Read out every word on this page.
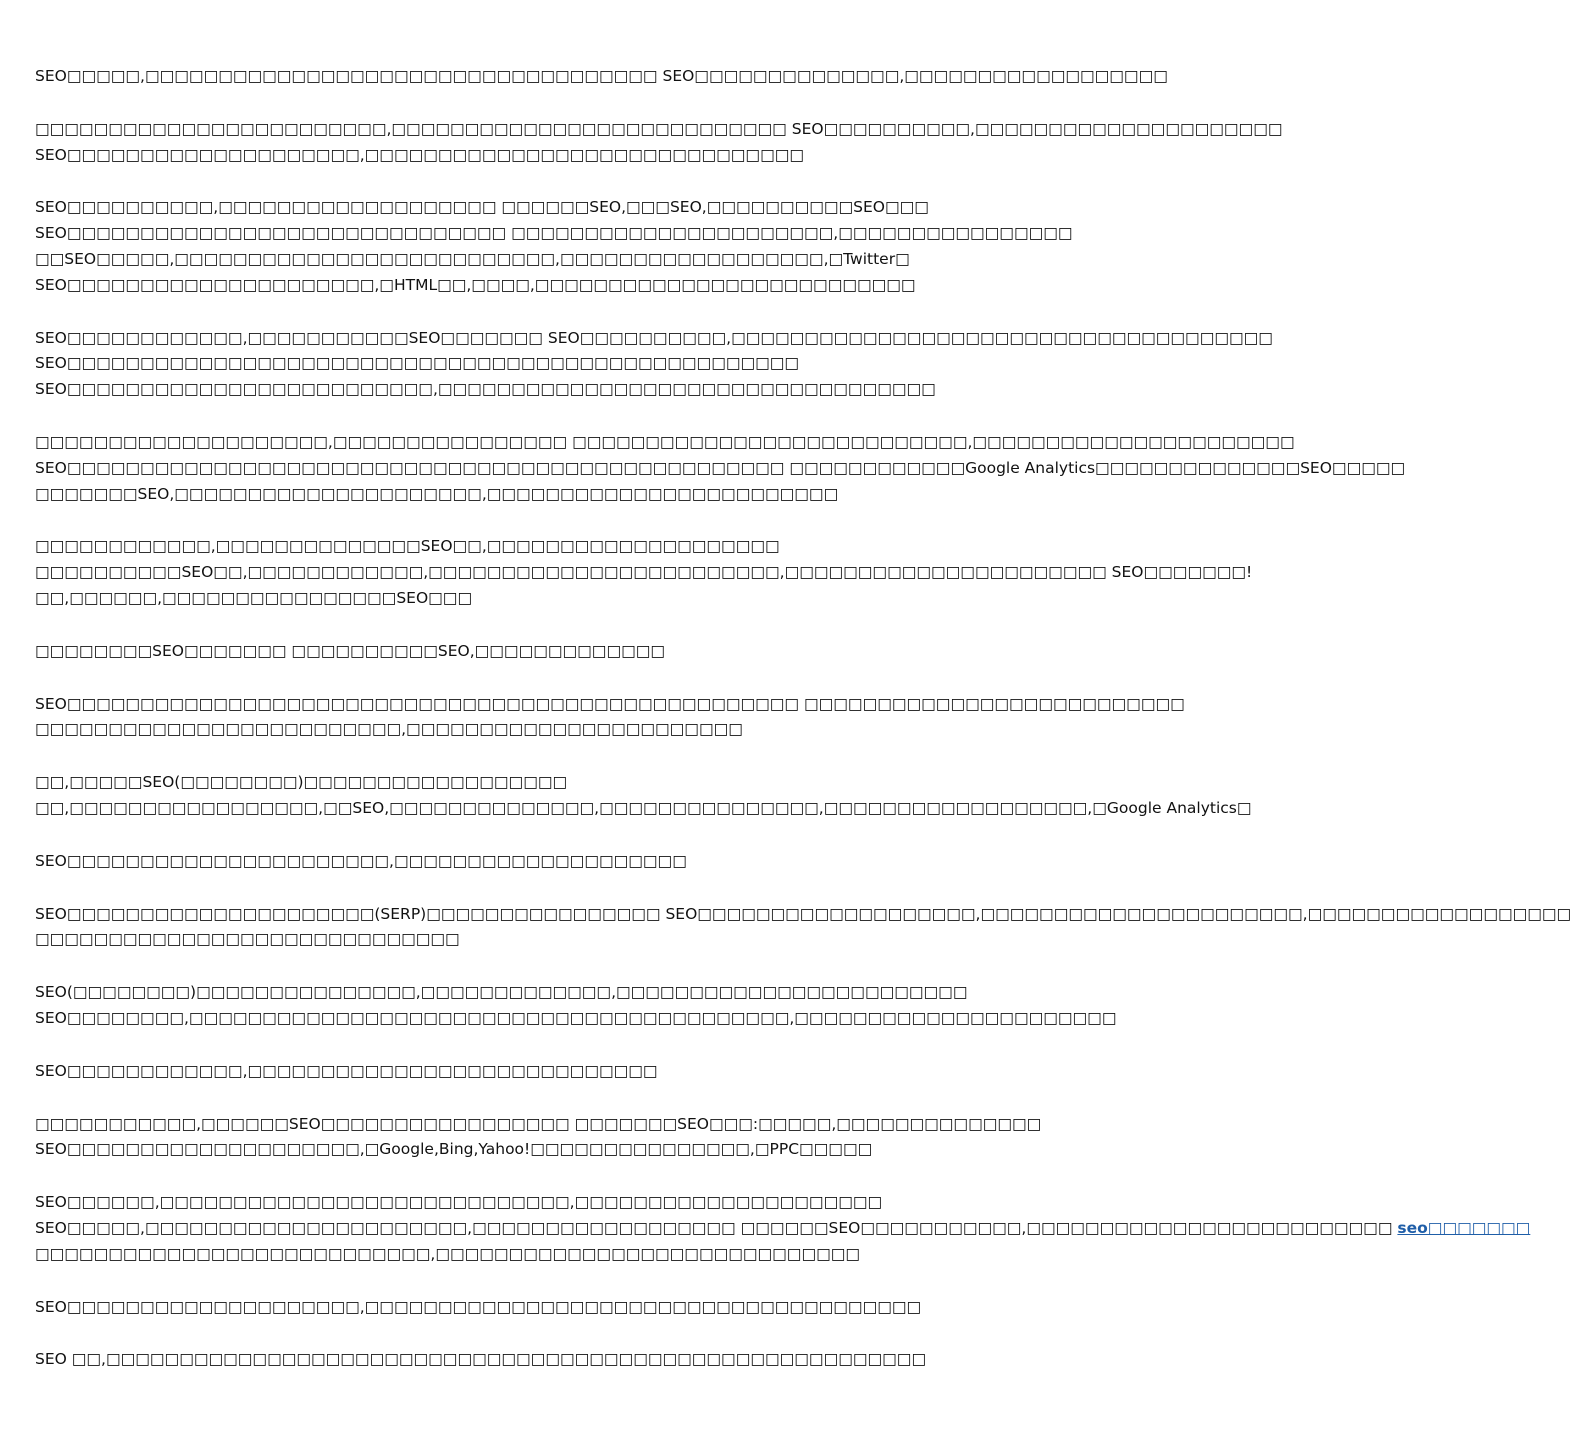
SEO□□□□□,□□□□□□□□□□□□□□□□□□□□□□□□□□□□□□□□□□□ SEO□□□□□□□□□□□□□□,□□□□□□□□□□□□□□□□□□
□□□□□□□□□□□□□□□□□□□□□□□□,□□□□□□□□□□□□□□□□□□□□□□□□□□□ SEO□□□□□□□□□□,□□□□□□□□□□□□□□□□□□□□□
SEO□□□□□□□□□□□□□□□□□□□□,□□□□□□□□□□□□□□□□□□□□□□□□□□□□□□
SEO□□□□□□□□□□,□□□□□□□□□□□□□□□□□□□ □□□□□□SEO,□□□SEO,□□□□□□□□□□SEO□□□
SEO□□□□□□□□□□□□□□□□□□□□□□□□□□□□□□ □□□□□□□□□□□□□□□□□□□□□□,□□□□□□□□□□□□□□□□
□□SEO□□□□□,□□□□□□□□□□□□□□□□□□□□□□□□□□,□□□□□□□□□□□□□□□□□□,□Twitter□
SEO□□□□□□□□□□□□□□□□□□□□□,□HTML□□,□□□□,□□□□□□□□□□□□□□□□□□□□□□□□□□
SEO□□□□□□□□□□□□,□□□□□□□□□□□SEO□□□□□□□ SEO□□□□□□□□□□,□□□□□□□□□□□□□□□□□□□□□□□□□□□□□□□□□□□□□
SEO□□□□□□□□□□□□□□□□□□□□□□□□□□□□□□□□□□□□□□□□□□□□□□□□□□
SEO□□□□□□□□□□□□□□□□□□□□□□□□□,□□□□□□□□□□□□□□□□□□□□□□□□□□□□□□□□□□
□□□□□□□□□□□□□□□□□□□□,□□□□□□□□□□□□□□□□ □□□□□□□□□□□□□□□□□□□□□□□□□□□,□□□□□□□□□□□□□□□□□□□□□□
SEO□□□□□□□□□□□□□□□□□□□□□□□□□□□□□□□□□□□□□□□□□□□□□□□□□ □□□□□□□□□□□□Google Analytics□□□□□□□□□□□□□□SEO□□□□□
□□□□□□□SEO,□□□□□□□□□□□□□□□□□□□□□,□□□□□□□□□□□□□□□□□□□□□□□□
□□□□□□□□□□□□,□□□□□□□□□□□□□□SEO□□,□□□□□□□□□□□□□□□□□□□□
□□□□□□□□□□SEO□□,□□□□□□□□□□□□,□□□□□□□□□□□□□□□□□□□□□□□□,□□□□□□□□□□□□□□□□□□□□□□ SEO□□□□□□□!
□□,□□□□□□,□□□□□□□□□□□□□□□□SEO□□□
□□□□□□□□SEO□□□□□□□ □□□□□□□□□□SEO,□□□□□□□□□□□□□
SEO□□□□□□□□□□□□□□□□□□□□□□□□□□□□□□□□□□□□□□□□□□□□□□□□□□ □□□□□□□□□□□□□□□□□□□□□□□□□□
□□□□□□□□□□□□□□□□□□□□□□□□□,□□□□□□□□□□□□□□□□□□□□□□□
□□,□□□□□SEO(□□□□□□□□)□□□□□□□□□□□□□□□□□□
□□,□□□□□□□□□□□□□□□□□,□□SEO,□□□□□□□□□□□□□□,□□□□□□□□□□□□□□□,□□□□□□□□□□□□□□□□□□,□Google Analytics□
SEO□□□□□□□□□□□□□□□□□□□□□□,□□□□□□□□□□□□□□□□□□□□
SEO□□□□□□□□□□□□□□□□□□□□□(SERP)□□□□□□□□□□□□□□□□ SEO□□□□□□□□□□□□□□□□□□□,□□□□□□□□□□□□□□□□□□□□□□,□□□□□□□□□□□□□□□□□□
□□□□□□□□□□□□□□□□□□□□□□□□□□□□□
SEO(□□□□□□□□)□□□□□□□□□□□□□□□,□□□□□□□□□□□□□,□□□□□□□□□□□□□□□□□□□□□□□□
SEO□□□□□□□□,□□□□□□□□□□□□□□□□□□□□□□□□□□□□□□□□□□□□□□□□□,□□□□□□□□□□□□□□□□□□□□□□
SEO□□□□□□□□□□□□,□□□□□□□□□□□□□□□□□□□□□□□□□□□□
□□□□□□□□□□□,□□□□□□SEO□□□□□□□□□□□□□□□□□ □□□□□□□SEO□□□:□□□□□,□□□□□□□□□□□□□□
SEO□□□□□□□□□□□□□□□□□□□□,□Google,Bing,Yahoo!□□□□□□□□□□□□□□□,□PPC□□□□□
SEO□□□□□□,□□□□□□□□□□□□□□□□□□□□□□□□□□□□,□□□□□□□□□□□□□□□□□□□□□
SEO□□□□□,□□□□□□□□□□□□□□□□□□□□□□,□□□□□□□□□□□□□□□□□□ □□□□□□SEO□□□□□□□□□□□,□□□□□□□□□□□□□□□□□□□□□□□□□ seo□□□□□□□
□□□□□□□□□□□□□□□□□□□□□□□□□□□,□□□□□□□□□□□□□□□□□□□□□□□□□□□□□
SEO□□□□□□□□□□□□□□□□□□□□,□□□□□□□□□□□□□□□□□□□□□□□□□□□□□□□□□□□□□□
SEO □□,□□□□□□□□□□□□□□□□□□□□□□□□□□□□□□□□□□□□□□□□□□□□□□□□□□□□□□□□
